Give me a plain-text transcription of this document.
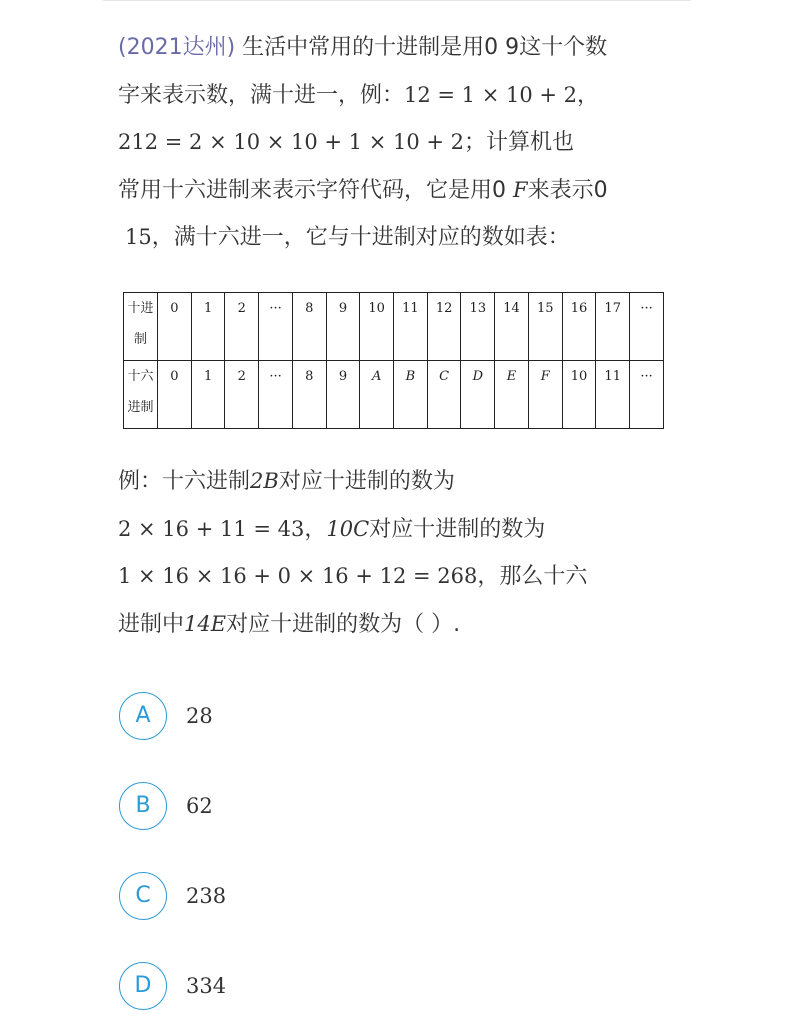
(2021达州) 生活中常用的十进制是用0 9这十个数

字来表示数，满十进一，例：12 = 1 × 10 + 2，

212 = 2 × 10 × 10 + 1 × 10 + 2；计算机也

常用十六进制来表示字符代码，它是用0 F来表示0

15，满十六进一，它与十进制对应的数如表：

十进
制	0	1	2	···	8	9	10	11	12	13	14	15	16	17	···
十六
进制	0	1	2	···	8	9	A	B	C	D	E	F	10	11	···

例：十六进制2B对应十进制的数为

2 × 16 + 11 = 43，10C对应十进制的数为

1 × 16 × 16 + 0 × 16 + 12 = 268，那么十六

进制中14E对应十进制的数为（ ）.

A	28
B	62
C	238
D	334
